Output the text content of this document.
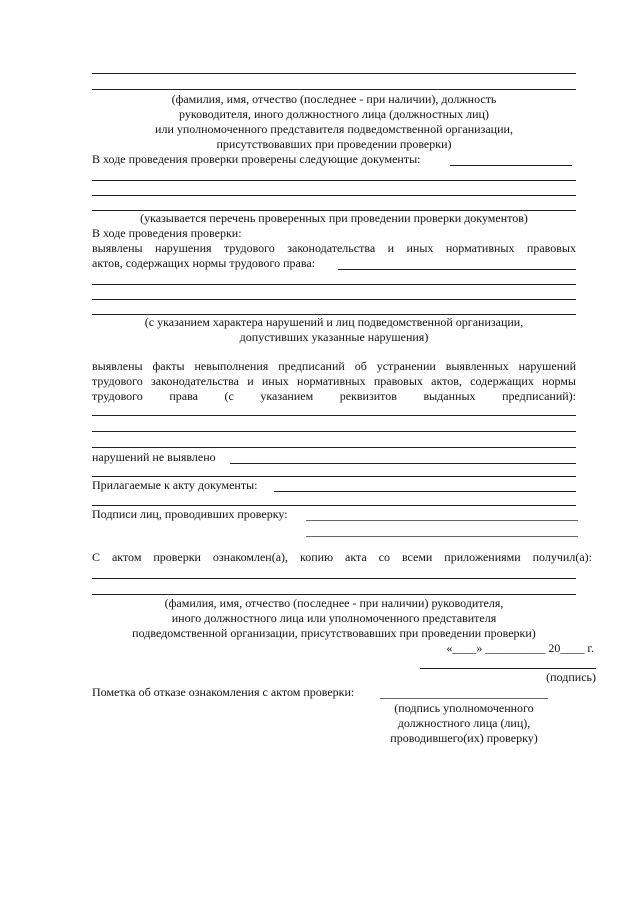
(фамилия, имя, отчество (последнее - при наличии), должность
руководителя, иного должностного лица (должностных лиц)
или уполномоченного представителя подведомственной организации,
присутствовавших при проведении проверки)
В ходе проведения проверки проверены следующие документы:
(указывается перечень проверенных при проведении проверки документов)
В ходе проведения проверки:
выявлены нарушения трудового законодательства и иных нормативных правовых
актов, содержащих нормы трудового права:
(с указанием характера нарушений и лиц подведомственной организации,
допустивших указанные нарушения)
выявлены факты невыполнения предписаний об устранении выявленных нарушений
трудового законодательства и иных нормативных правовых актов, содержащих нормы
трудового права (с указанием реквизитов выданных предписаний):
нарушений не выявлено
Прилагаемые к акту документы:
Подписи лиц, проводивших проверку:
С актом проверки ознакомлен(а), копию акта со всеми приложениями получил(а):
(фамилия, имя, отчество (последнее - при наличии) руководителя,
иного должностного лица или уполномоченного представителя
подведомственной организации, присутствовавших при проведении проверки)
«____» __________ 20____ г.
(подпись)
Пометка об отказе ознакомления с актом проверки:
(подпись уполномоченного
должностного лица (лиц),
проводившего(их) проверку)
